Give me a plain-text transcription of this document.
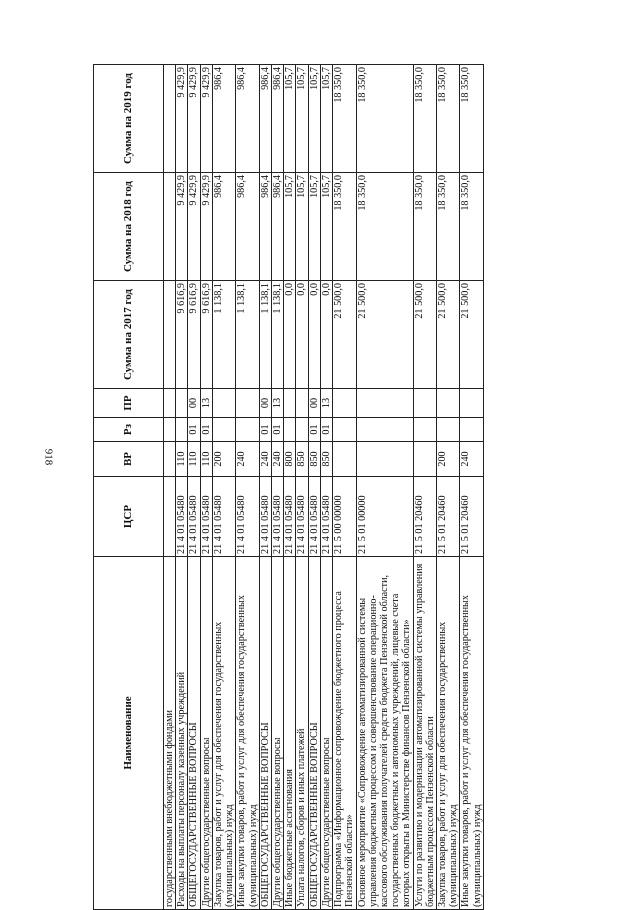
918
Наименование	ЦСР	ВР	Рз	ПР	Сумма на 2017 год	Сумма на 2018 год	Сумма на 2019 год
государственными внебюджетными фондами							
Расходы на выплаты персоналу казенных учреждений	21 4 01 05480	110			9 616,9	9 429,9	9 429,9
ОБЩЕГОСУДАРСТВЕННЫЕ ВОПРОСЫ	21 4 01 05480	110	01	00	9 616,9	9 429,9	9 429,9
Другие общегосударственные вопросы	21 4 01 05480	110	01	13	9 616,9	9 429,9	9 429,9
Закупка товаров, работ и услуг для обеспечения государственных (муниципальных) нужд	21 4 01 05480	200			1 138,1	986,4	986,4
Иные закупки товаров, работ и услуг для обеспечения государственных (муниципальных) нужд	21 4 01 05480	240			1 138,1	986,4	986,4
ОБЩЕГОСУДАРСТВЕННЫЕ ВОПРОСЫ	21 4 01 05480	240	01	00	1 138,1	986,4	986,4
Другие общегосударственные вопросы	21 4 01 05480	240	01	13	1 138,1	986,4	986,4
Иные бюджетные ассигнования	21 4 01 05480	800			0,0	105,7	105,7
Уплата налогов, сборов и иных платежей	21 4 01 05480	850			0,0	105,7	105,7
ОБЩЕГОСУДАРСТВЕННЫЕ ВОПРОСЫ	21 4 01 05480	850	01	00	0,0	105,7	105,7
Другие общегосударственные вопросы	21 4 01 05480	850	01	13	0,0	105,7	105,7
Подпрограмма «Информационное сопровождение бюджетного процесса Пензенской области»	21 5 00 00000				21 500,0	18 350,0	18 350,0
Основное мероприятие «Сопровождение автоматизированной системы управления бюджетным процессом и совершенствование операционно-кассового обслуживания получателей средств бюджета Пензенской области, государственных бюджетных и автономных учреждений, лицевые счета которых открыты в Министерстве финансов Пензенской области»	21 5 01 00000				21 500,0	18 350,0	18 350,0
Услуги по развитию и модернизации автоматизированной системы управления бюджетным процессом Пензенской области	21 5 01 20460				21 500,0	18 350,0	18 350,0
Закупка товаров, работ и услуг для обеспечения государственных (муниципальных) нужд	21 5 01 20460	200			21 500,0	18 350,0	18 350,0
Иные закупки товаров, работ и услуг для обеспечения государственных (муниципальных) нужд	21 5 01 20460	240			21 500,0	18 350,0	18 350,0
